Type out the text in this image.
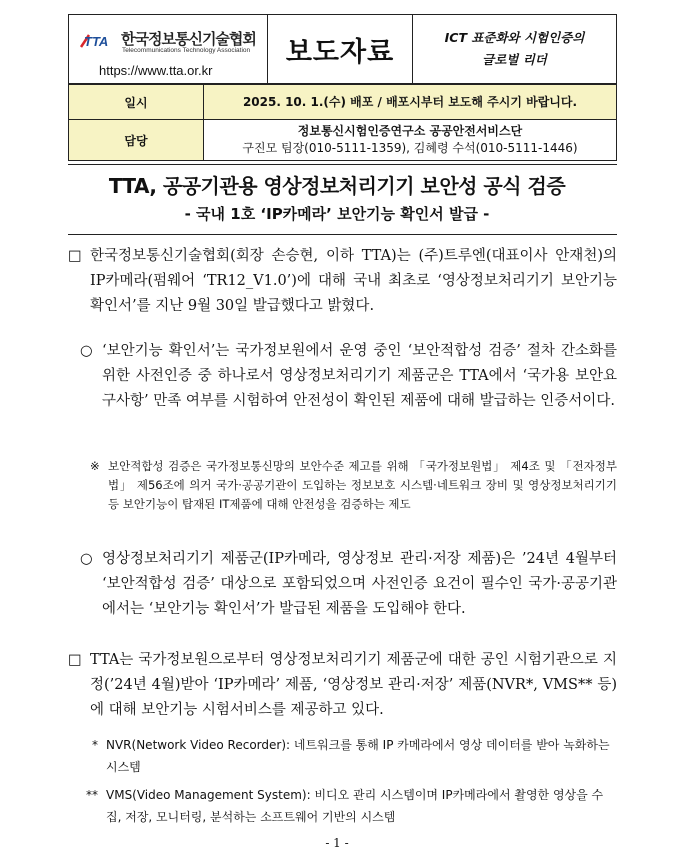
TTA 한국정보통신기술협회
Telecommunications Technology Association
https://www.tta.or.kr
	보도자료	ICT 표준화와 시험인증의
글로벌 리더
일시	2025. 10. 1.(수) 배포 / 배포시부터 보도해 주시기 바랍니다.
담당	정보통신시험인증연구소 공공안전서비스단
구진모 팀장(010-5111-1359), 김혜령 수석(010-5111-1446)
TTA, 공공기관용 영상정보처리기기 보안성 공식 검증
- 국내 1호 ‘IP카메라’ 보안기능 확인서 발급 -
□ 한국정보통신기술협회(회장 손승현, 이하 TTA)는 (주)트루엔(대표이사 안재천)의 IP카메라(펌웨어 ‘TR12_V1.0’)에 대해 국내 최초로 ‘영상정보처리기기 보안기능 확인서’를 지난 9월 30일 발급했다고 밝혔다.
○ ‘보안기능 확인서’는 국가정보원에서 운영 중인 ‘보안적합성 검증’ 절차 간소화를 위한 사전인증 중 하나로서 영상정보처리기기 제품군은 TTA에서 ‘국가용 보안요구사항’ 만족 여부를 시험하여 안전성이 확인된 제품에 대해 발급하는 인증서이다.
※ 보안적합성 검증은 국가정보통신망의 보안수준 제고를 위해 「국가정보원법」 제4조 및 「전자정부법」 제56조에 의거 국가·공공기관이 도입하는 정보보호 시스템·네트워크 장비 및 영상정보처리기기 등 보안기능이 탑재된 IT제품에 대해 안전성을 검증하는 제도
○ 영상정보처리기기 제품군(IP카메라, 영상정보 관리·저장 제품)은 ’24년 4월부터 ‘보안적합성 검증’ 대상으로 포함되었으며 사전인증 요건이 필수인 국가·공공기관에서는 ‘보안기능 확인서’가 발급된 제품을 도입해야 한다.
□ TTA는 국가정보원으로부터 영상정보처리기기 제품군에 대한 공인 시험기관으로 지정(’24년 4월)받아 ‘IP카메라’ 제품, ‘영상정보 관리·저장’ 제품(NVR*, VMS** 등)에 대해 보안기능 시험서비스를 제공하고 있다.
* NVR(Network Video Recorder): 네트워크를 통해 IP 카메라에서 영상 데이터를 받아 녹화하는 시스템
** VMS(Video Management System): 비디오 관리 시스템이며 IP카메라에서 촬영한 영상을 수집, 저장, 모니터링, 분석하는 소프트웨어 기반의 시스템
- 1 -
